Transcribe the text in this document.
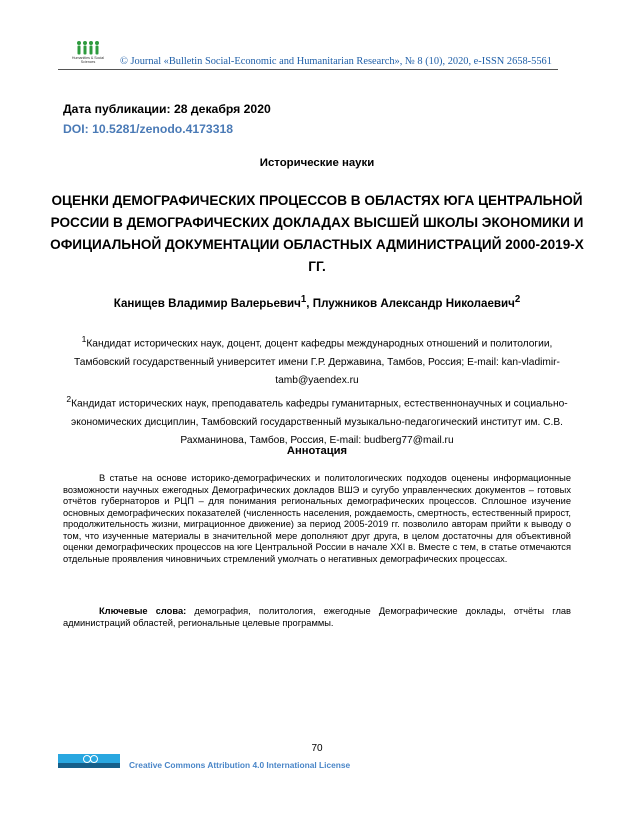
Humanities & Social
Sciences	© Journal «Bulletin Social-Economic and Humanitarian Research», № 8 (10), 2020, e-ISSN 2658-5561
Дата публикации: 28 декабря 2020
DOI: 10.5281/zenodo.4173318
Исторические науки
ОЦЕНКИ ДЕМОГРАФИЧЕСКИХ ПРОЦЕССОВ В ОБЛАСТЯХ ЮГА ЦЕНТРАЛЬНОЙ РОССИИ В ДЕМОГРАФИЧЕСКИХ ДОКЛАДАХ ВЫСШЕЙ ШКОЛЫ ЭКОНОМИКИ И ОФИЦИАЛЬНОЙ ДОКУМЕНТАЦИИ ОБЛАСТНЫХ АДМИНИСТРАЦИЙ 2000-2019-Х ГГ.
Канищев Владимир Валерьевич$^1$, Плужников Александр Николаевич$^2$
$^1$Кандидат исторических наук, доцент, доцент кафедры международных отношений и политологии, Тамбовский государственный университет имени Г.Р. Державина, Тамбов, Россия; E-mail: kan-vladimir-tamb@yaendex.ru
$^2$Кандидат исторических наук, преподаватель кафедры гуманитарных, естественнонаучных и социально-экономических дисциплин, Тамбовский государственный музыкально-педагогический институт им. С.В. Рахманинова, Тамбов, Россия, E-mail: budberg77@mail.ru
Аннотация

В статье на основе историко-демографических и политологических подходов оценены информационные возможности научных ежегодных Демографических докладов ВШЭ и сугубо управленческих документов – готовых отчётов губернаторов и РЦП – для понимания региональных демографических процессов. Сплошное изучение основных демографических показателей (численность населения, рождаемость, смертность, естественный прирост, продолжительность жизни, миграционное движение) за период 2005-2019 гг. позволило авторам прийти к выводу о том, что изученные материалы в значительной мере дополняют друг друга, в целом достаточны для объективной оценки демографических процессов на юге Центральной России в начале XXI в. Вместе с тем, в статье отмечаются отдельные проявления чиновничьих стремлений умолчать о негативных демографических процессах.

Ключевые слова: демография, политология, ежегодные Демографические доклады, отчёты глав администраций областей, региональные целевые программы.

70
Creative Commons Attribution 4.0 International License
